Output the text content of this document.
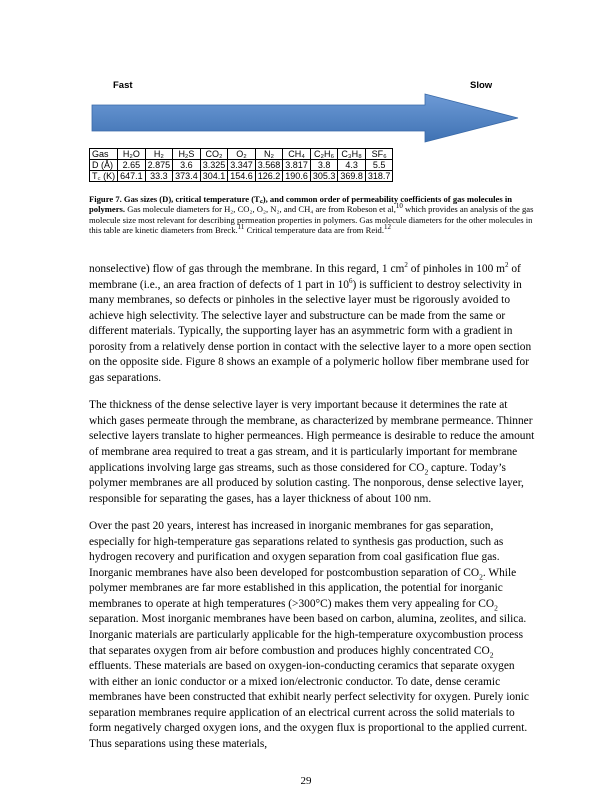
Fast	Slow
Gas	H₂O	H₂	H₂S	CO₂	O₂	N₂	CH₄	C₂H₆	C₃H₈	SF₆
D (Å)	2.65	2.875	3.6	3.325	3.347	3.568	3.817	3.8	4.3	5.5
T꜀ (K)	647.1	33.3	373.4	304.1	154.6	126.2	190.6	305.3	369.8	318.7
Figure 7. Gas sizes (D), critical temperature (T꜀), and common order of permeability coefficients of gas molecules in polymers. Gas molecule diameters for H₂, CO₂, O₂, N₂, and CH₄ are from Robeson et al,$^{10}$ which provides an analysis of the gas molecule size most relevant for describing permeation properties in polymers. Gas molecule diameters for the other molecules in this table are kinetic diameters from Breck.$^{11}$ Critical temperature data are from Reid.$^{12}$

nonselective) flow of gas through the membrane. In this regard, 1 $cm^2$ of pinholes in 100 $m^2$ of membrane (i.e., an area fraction of defects of 1 part in $10^6$) is sufficient to destroy selectivity in many membranes, so defects or pinholes in the selective layer must be rigorously avoided to achieve high selectivity. The selective layer and substructure can be made from the same or different materials. Typically, the supporting layer has an asymmetric form with a gradient in porosity from a relatively dense portion in contact with the selective layer to a more open section on the opposite side. Figure 8 shows an example of a polymeric hollow fiber membrane used for gas separations.

The thickness of the dense selective layer is very important because it determines the rate at which gases permeate through the membrane, as characterized by membrane permeance. Thinner selective layers translate to higher permeances. High permeance is desirable to reduce the amount of membrane area required to treat a gas stream, and it is particularly important for membrane applications involving large gas streams, such as those considered for $CO_2$ capture. Today’s polymer membranes are all produced by solution casting. The nonporous, dense selective layer, responsible for separating the gases, has a layer thickness of about 100 nm.

Over the past 20 years, interest has increased in inorganic membranes for gas separation, especially for high-temperature gas separations related to synthesis gas production, such as hydrogen recovery and purification and oxygen separation from coal gasification flue gas. Inorganic membranes have also been developed for postcombustion separation of $CO_2$. While polymer membranes are far more established in this application, the potential for inorganic membranes to operate at high temperatures (>300°C) makes them very appealing for $CO_2$ separation. Most inorganic membranes have been based on carbon, alumina, zeolites, and silica. Inorganic materials are particularly applicable for the high-temperature oxycombustion process that separates oxygen from air before combustion and produces highly concentrated $CO_2$ effluents. These materials are based on oxygen-ion-conducting ceramics that separate oxygen with either an ionic conductor or a mixed ion/electronic conductor. To date, dense ceramic membranes have been constructed that exhibit nearly perfect selectivity for oxygen. Purely ionic separation membranes require application of an electrical current across the solid materials to form negatively charged oxygen ions, and the oxygen flux is proportional to the applied current. Thus separations using these materials,

29
